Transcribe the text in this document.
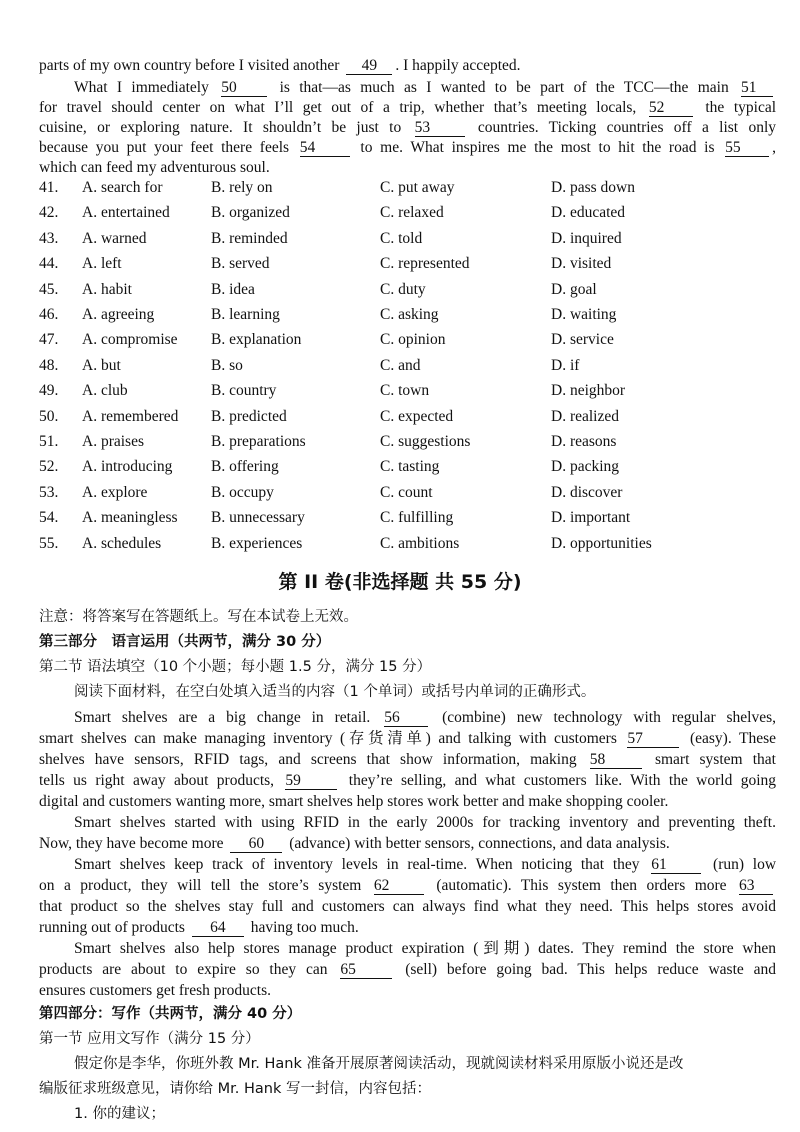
parts of my own country before I visited another 49 . I happily accepted.
What I immediately 50	is that—as much as I wanted to be part of the TCC—the main 51
for travel should center on what I’ll get out of a trip, whether that’s meeting locals, 52	the typical
cuisine, or exploring nature. It shouldn’t be just to 53	countries. Ticking countries off a list only
because you put your feet there feels 54	to me. What inspires me the most to hit the road is 55 ,
which can feed my adventurous soul.
41. A. search for	B. rely on	C. put away	D. pass down
42. A. entertained	B. organized	C. relaxed	D. educated
43. A. warned	B. reminded	C. told	D. inquired
44. A. left	B. served	C. represented	D. visited
45. A. habit	B. idea	C. duty	D. goal
46. A. agreeing	B. learning	C. asking	D. waiting
47. A. compromise B. explanation	C. opinion	D. service
48. A. but	B. so	C. and	D. if
49. A. club	B. country	C. town	D. neighbor
50. A. remembered B. predicted	C. expected	D. realized
51. A. praises	B. preparations	C. suggestions	D. reasons
52. A. introducing B. offering	C. tasting	D. packing
53. A. explore	B. occupy	C. count	D. discover
54. A. meaningless B. unnecessary	C. fulfilling	D. important
55. A. schedules	B. experiences	C. ambitions	D. opportunities
第 II 卷(非选择题 共 55 分)
注意：将答案写在答题纸上。写在本试卷上无效。
第三部分　语言运用（共两节，满分 30 分）
第二节 语法填空（10 个小题；每小题 1.5 分，满分 15 分）
阅读下面材料，在空白处填入适当的内容（1 个单词）或括号内单词的正确形式。
Smart shelves are a big change in retail. 56	(combine) new technology with regular shelves,
smart shelves can make managing inventory (存货清单) and talking with customers 57	(easy). These
shelves have sensors, RFID tags, and screens that show information, making 58	smart system that
tells us right away about products, 59	they’re selling, and what customers like. With the world going
digital and customers wanting more, smart shelves help stores work better and make shopping cooler.
Smart shelves started with using RFID in the early 2000s for tracking inventory and preventing theft.
Now, they have become more 60 (advance) with better sensors, connections, and data analysis.
Smart shelves keep track of inventory levels in real-time. When noticing that they 61	(run) low
on a product, they will tell the store’s system 62	(automatic). This system then orders more 63
that product so the shelves stay full and customers can always find what they need. This helps stores avoid
running out of products 64 having too much.
Smart shelves also help stores manage product expiration (到期) dates. They remind the store when
products are about to expire so they can 65	(sell) before going bad. This helps reduce waste and
ensures customers get fresh products.
第四部分：写作（共两节，满分 40 分）
第一节 应用文写作（满分 15 分）
假定你是李华，你班外教 Mr. Hank 准备开展原著阅读活动，现就阅读材料采用原版小说还是改
编版征求班级意见，请你给 Mr. Hank 写一封信，内容包括：
1. 你的建议；
